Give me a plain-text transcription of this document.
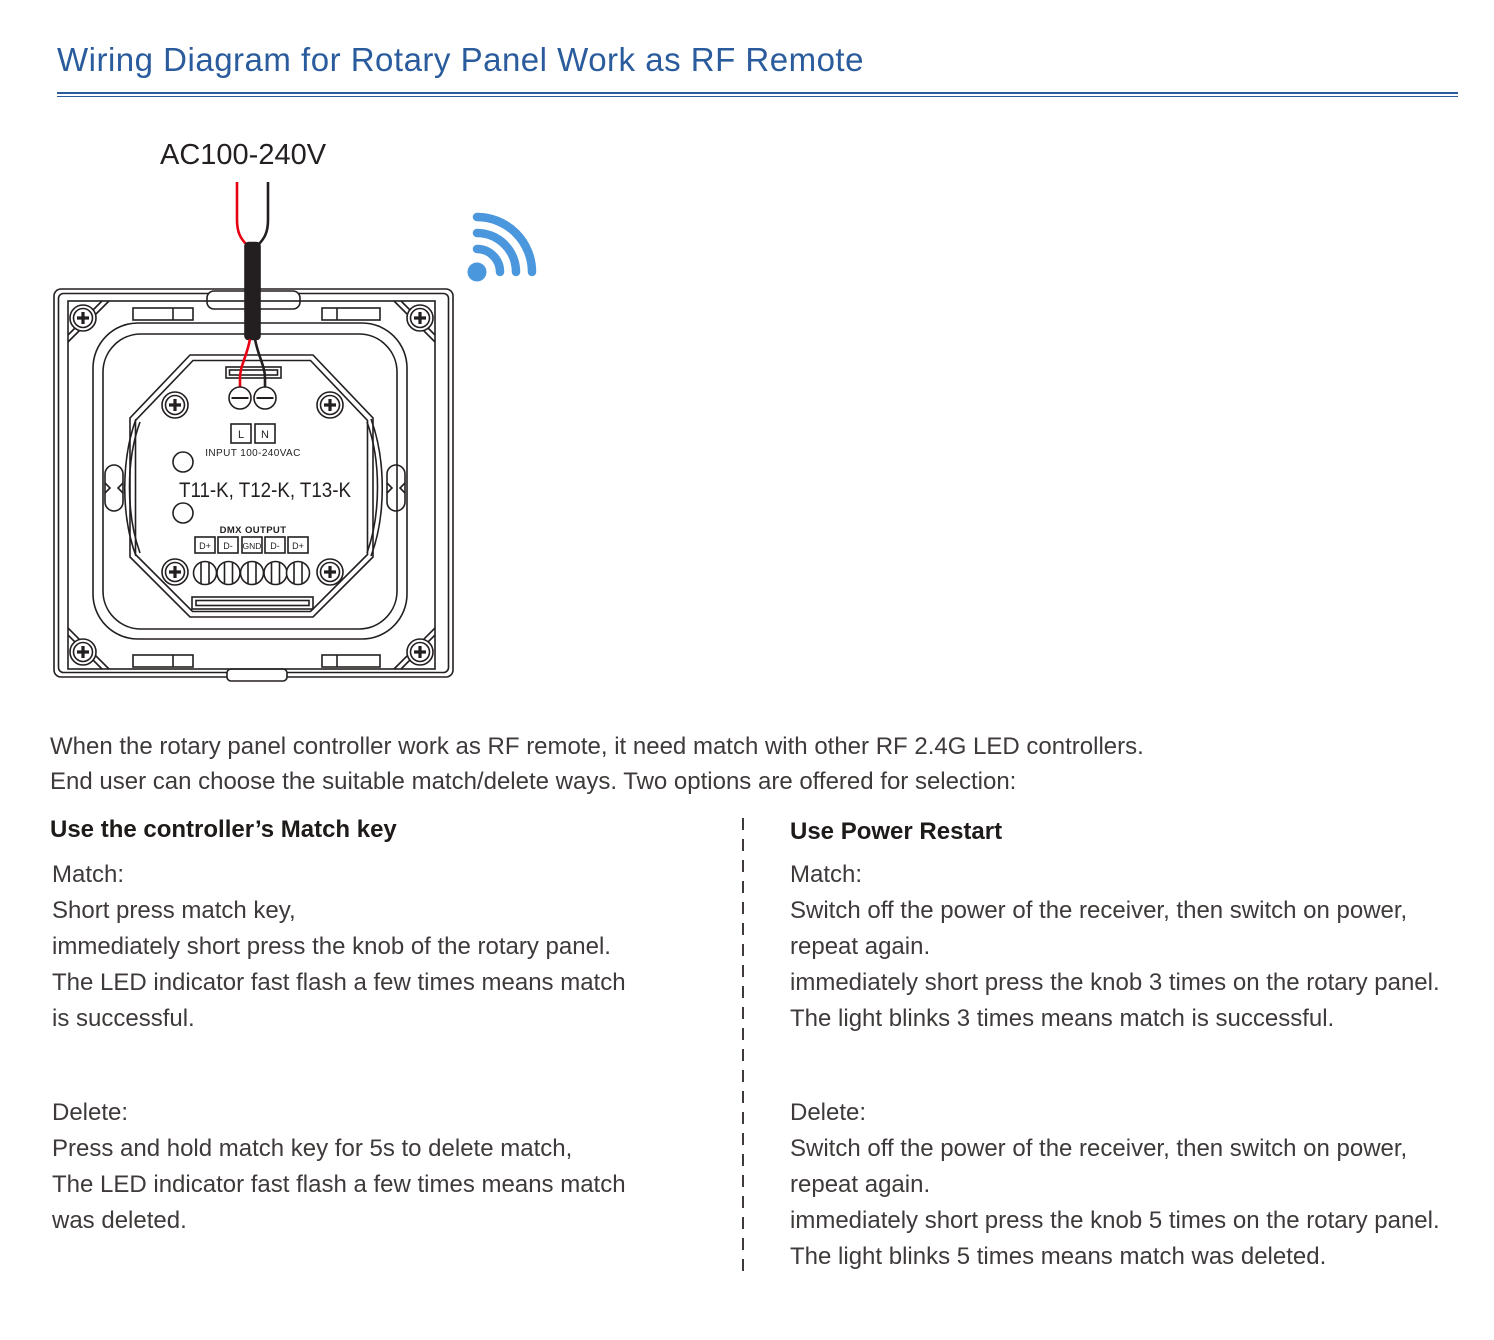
Wiring Diagram for Rotary Panel Work as RF Remote
AC100-240V
L N
INPUT 100-240VAC
T11-K, T12-K, T13-K
DMX OUTPUT
D+ D- GND D- D+
When the rotary panel controller work as RF remote, it need match with other RF 2.4G LED controllers.
End user can choose the suitable match/delete ways. Two options are offered for selection:
Use the controller’s Match key
Match:
Short press match key,
immediately short press the knob of the rotary panel.
The LED indicator fast flash a few times means match
is successful.
Delete:
Press and hold match key for 5s to delete match,
The LED indicator fast flash a few times means match
was deleted.
Use Power Restart
Match:
Switch off the power of the receiver, then switch on power,
repeat again.
immediately short press the knob 3 times on the rotary panel.
The light blinks 3 times means match is successful.
Delete:
Switch off the power of the receiver, then switch on power,
repeat again.
immediately short press the knob 5 times on the rotary panel.
The light blinks 5 times means match was deleted.
